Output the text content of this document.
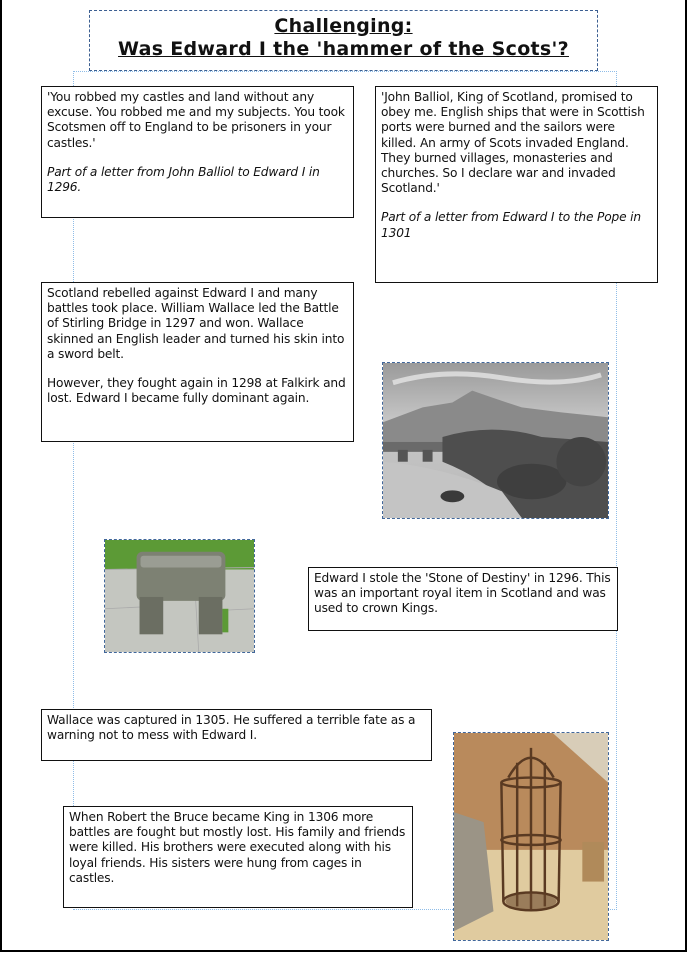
Challenging:
Was Edward I the 'hammer of the Scots'?

'You robbed my castles and land without any excuse. You robbed me and my subjects. You took Scotsmen off to England to be prisoners in your castles.'

Part of a letter from John Balliol to Edward I in 1296.

'John Balliol, King of Scotland, promised to obey me. English ships that were in Scottish ports were burned and the sailors were killed. An army of Scots invaded England. They burned villages, monasteries and churches. So I declare war and invaded Scotland.'

Part of a letter from Edward I to the Pope in 1301

Scotland rebelled against Edward I and many battles took place. William Wallace led the Battle of Stirling Bridge in 1297 and won. Wallace skinned an English leader and turned his skin into a sword belt.

However, they fought again in 1298 at Falkirk and lost. Edward I became fully dominant again.

Edward I stole the 'Stone of Destiny' in 1296. This was an important royal item in Scotland and was used to crown Kings.

Wallace was captured in 1305. He suffered a terrible fate as a warning not to mess with Edward I.

When Robert the Bruce became King in 1306 more battles are fought but mostly lost. His family and friends were killed. His brothers were executed along with his loyal friends. His sisters were hung from cages in castles.
